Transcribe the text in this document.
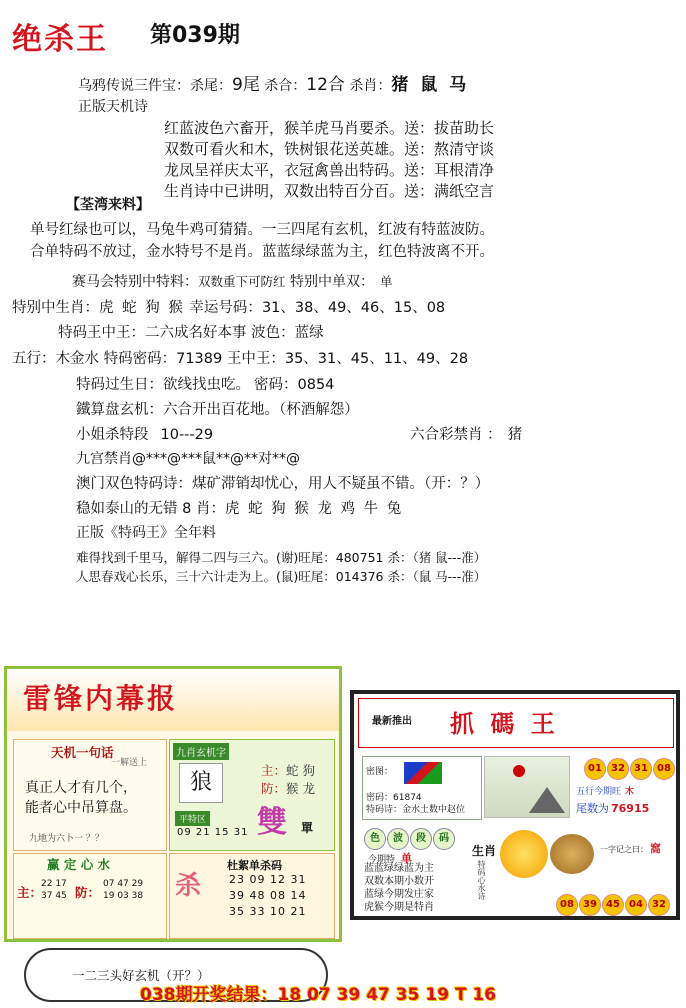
绝杀王 第039期
乌鸦传说三件宝：杀尾：9尾 杀合：12合 杀肖：猪 鼠 马
正版天机诗
红蓝波色六畜开，猴羊虎马肖要杀。送：拔苗助长
双数可看火和木，铁树银花送英雄。送：熬清守谈
龙凤呈祥庆太平，衣冠禽兽出特码。送：耳根清净
生肖诗中已讲明，双数出特百分百。送：满纸空言
【荃湾来料】
单号红绿也可以，马兔牛鸡可猜猜。一三四尾有玄机，红波有特蓝波防。
合单特码不放过，金水特号不是肖。蓝蓝绿绿蓝为主，红色特波离不开。
赛马会特别中特料：双数重下可防红 特别中单双： 单
特别中生肖：虎 蛇 狗 猴 幸运号码：31、38、49、46、15、08
特码王中王：二六成名好本事 波色：蓝绿
五行：木金水 特码密码：71389 王中王：35、31、45、11、49、28
特码过生日：欲线找虫吃。 密码：0854
鐵算盘玄机：六合开出百花地。（杯酒解怨）
小姐杀特段 10---29	六合彩禁肖 ： 猪
九宫禁肖@***@***鼠**@**对**@
澳门双色特码诗：煤矿滞销却忧心，用人不疑虽不错。（开：？）
稳如泰山的无错 8 肖：虎 蛇 狗 猴 龙 鸡 牛 兔
正版《特码王》全年料
难得找到千里马，解得二四与三六。(谢)旺尾：480751 杀：（猪 鼠---准）
人思春戏心长乐，三十六计走为上。(鼠)旺尾：014376 杀：（鼠 马---准）
雷锋内幕报
天机一句话
一解送上
真正人才有几个，
能者心中吊算盘。
九地为六卜一 ？？
九肖玄机字
狼	主：蛇 狗
防：猴 龙
平特区
09 21 15 31 雙 單
赢 定 心 水
主：	防：
22 17	07 47 29
37 45	19 03 38 杀
杜絮单杀码
23 09 12 31
39 48 08 14
35 33 10 21
最新推出 抓 碼 王
密图：
密码：61874
特码诗：金水土数中赵位
01 32 31 08
五行今期旺 木
尾数为 76915
色 波 段 码
今期特 单
蓝蓝绿绿蓝为主
双数本期小数开
蓝绿今期发庄家
虎猴今期是特肖
生肖
特码心水诗
一字记之曰： 窩
08 39 45 04 32
一二三头好玄机（开？）
038期开奖结果：18 07 39 47 35 19 T 16
